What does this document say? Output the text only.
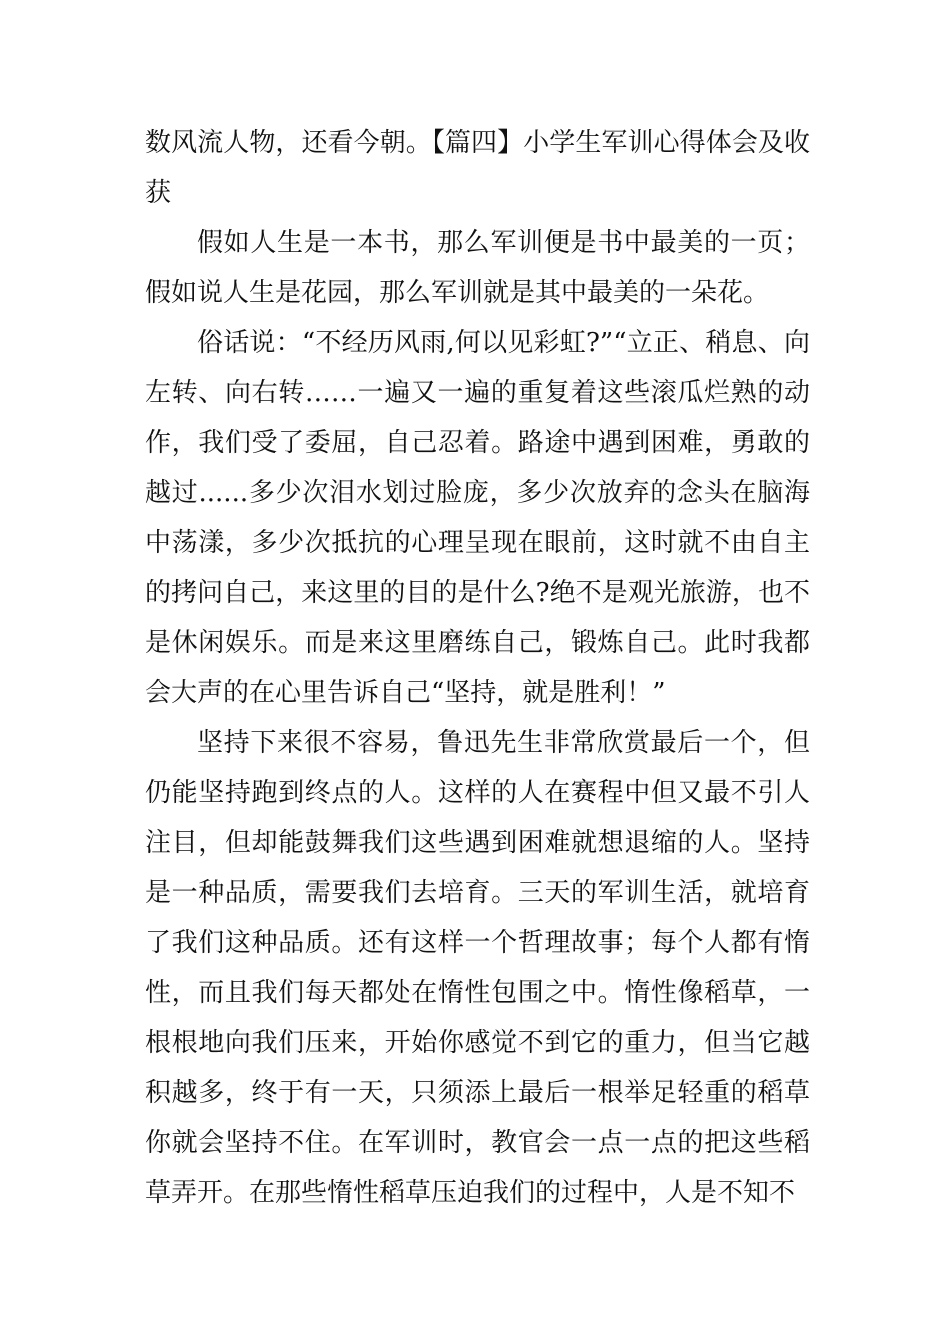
数风流人物，还看今朝。【篇四】小学生军训心得体会及收获

假如人生是一本书，那么军训便是书中最美的一页；假如说人生是花园，那么军训就是其中最美的一朵花。

俗话说：“不经历风雨,何以见彩虹?”“立正、稍息、向左转、向右转……一遍又一遍的重复着这些滚瓜烂熟的动作，我们受了委屈，自己忍着。路途中遇到困难，勇敢的越过......多少次泪水划过脸庞，多少次放弃的念头在脑海中荡漾，多少次抵抗的心理呈现在眼前，这时就不由自主的拷问自己，来这里的目的是什么?绝不是观光旅游，也不是休闲娱乐。而是来这里磨练自己，锻炼自己。此时我都会大声的在心里告诉自己“坚持，就是胜利！”

坚持下来很不容易，鲁迅先生非常欣赏最后一个，但仍能坚持跑到终点的人。这样的人在赛程中但又最不引人注目，但却能鼓舞我们这些遇到困难就想退缩的人。坚持是一种品质，需要我们去培育。三天的军训生活，就培育了我们这种品质。还有这样一个哲理故事；每个人都有惰性，而且我们每天都处在惰性包围之中。惰性像稻草，一根根地向我们压来，开始你感觉不到它的重力，但当它越积越多，终于有一天，只须添上最后一根举足轻重的稻草你就会坚持不住。在军训时，教官会一点一点的把这些稻草弄开。在那些惰性稻草压迫我们的过程中，人是不知不
